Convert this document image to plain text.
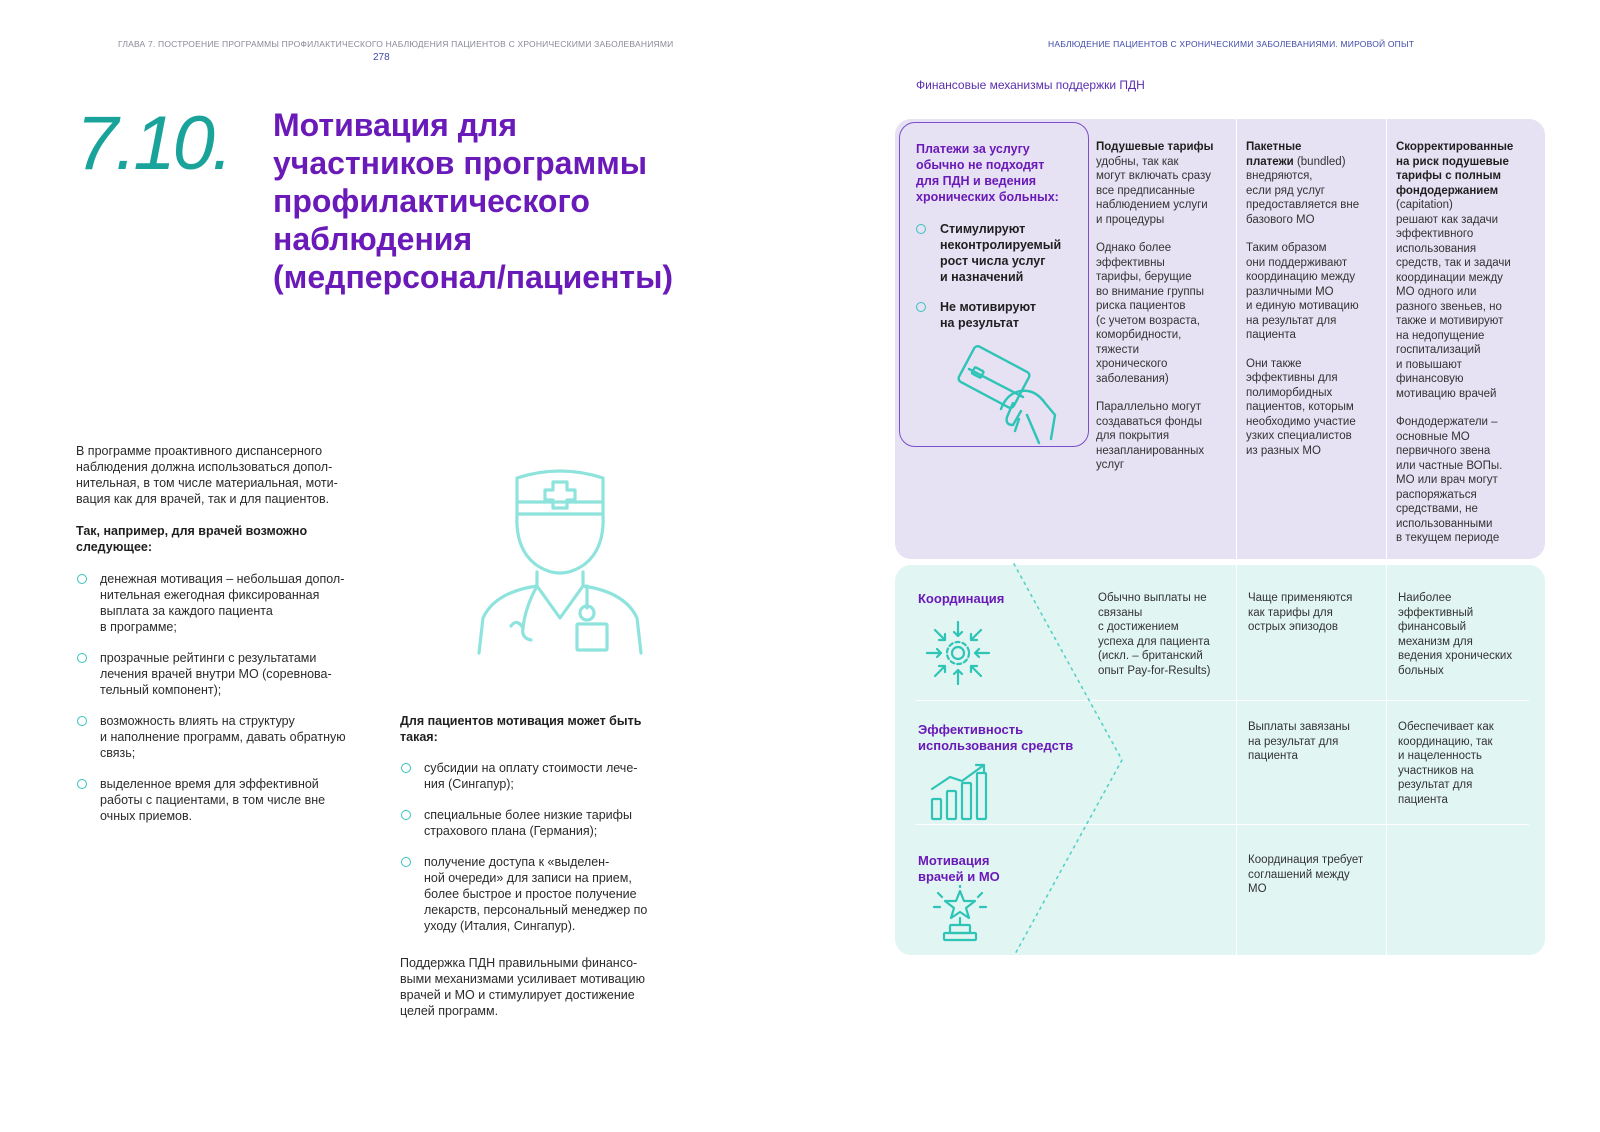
ГЛАВА 7. ПОСТРОЕНИЕ ПРОГРАММЫ ПРОФИЛАКТИЧЕСКОГО НАБЛЮДЕНИЯ ПАЦИЕНТОВ С ХРОНИЧЕСКИМИ ЗАБОЛЕВАНИЯМИ
278
НАБЛЮДЕНИЕ ПАЦИЕНТОВ С ХРОНИЧЕСКИМИ ЗАБОЛЕВАНИЯМИ. МИРОВОЙ ОПЫТ
7.10. Мотивация для
участников программы
профилактического
наблюдения
(медперсонал/пациенты)
В программе проактивного диспансерного
наблюдения должна использоваться допол-
нительная, в том числе материальная, моти-
вация как для врачей, так и для пациентов.
Так, например, для врачей возможно
следующее:
денежная мотивация – небольшая допол-
нительная ежегодная фиксированная
выплата за каждого пациента
в программе;
прозрачные рейтинги с результатами
лечения врачей внутри МО (соревнова-
тельный компонент);
возможность влиять на структуру
и наполнение программ, давать обратную
связь;
выделенное время для эффективной
работы с пациентами, в том числе вне
очных приемов.
Для пациентов мотивация может быть
такая:
субсидии на оплату стоимости лече-
ния (Сингапур);
специальные более низкие тарифы
страхового плана (Германия);
получение доступа к «выделен-
ной очереди» для записи на прием,
более быстрое и простое получение
лекарств, персональный менеджер по
уходу (Италия, Сингапур).
Поддержка ПДН правильными финансо-
выми механизмами усиливает мотивацию
врачей и МО и стимулирует достижение
целей программ.
Финансовые механизмы поддержки ПДН
Платежи за услугу
обычно не подходят
для ПДН и ведения
хронических больных:
Стимулируют
неконтролируемый
рост числа услуг
и назначений
Не мотивируют
на результат

Подушевые тарифы
удобны, так как
могут включать сразу
все предписанные
наблюдением услуги
и процедуры

Однако более
эффективны
тарифы, берущие
во внимание группы
риска пациентов
(с учетом возраста,
коморбидности,
тяжести
хронического
заболевания)

Параллельно могут
создаваться фонды
для покрытия
незапланированных
услуг

Пакетные
платежи (bundled)
внедряются,
если ряд услуг
предоставляется вне
базового МО

Таким образом
они поддерживают
координацию между
различными МО
и единую мотивацию
на результат для
пациента

Они также
эффективны для
полиморбидных
пациентов, которым
необходимо участие
узких специалистов
из разных МО

Скорректированные
на риск подушевые
тарифы с полным
фондодержанием
(capitation)
решают как задачи
эффективного
использования
средств, так и задачи
координации между
МО одного или
разного звеньев, но
также и мотивируют
на недопущение
госпитализаций
и повышают
финансовую
мотивацию врачей

Фондодержатели –
основные МО
первичного звена
или частные ВОПы.
МО или врач могут
распоряжаться
средствами, не
использованными
в текущем периоде

Координация	Обычно выплаты не
связаны
с достижением
успеха для пациента
(искл. – британский
опыт Pay-for-Results)
Чаще применяются
как тарифы для
острых эпизодов
Наиболее
эффективный
финансовый
механизм для
ведения хронических
больных
Эффективность
использования средств
Выплаты завязаны
на результат для
пациента
Обеспечивает как
координацию, так
и нацеленность
участников на
результат для
пациента
Мотивация
врачей и МО
Координация требует
соглашений между
МО
